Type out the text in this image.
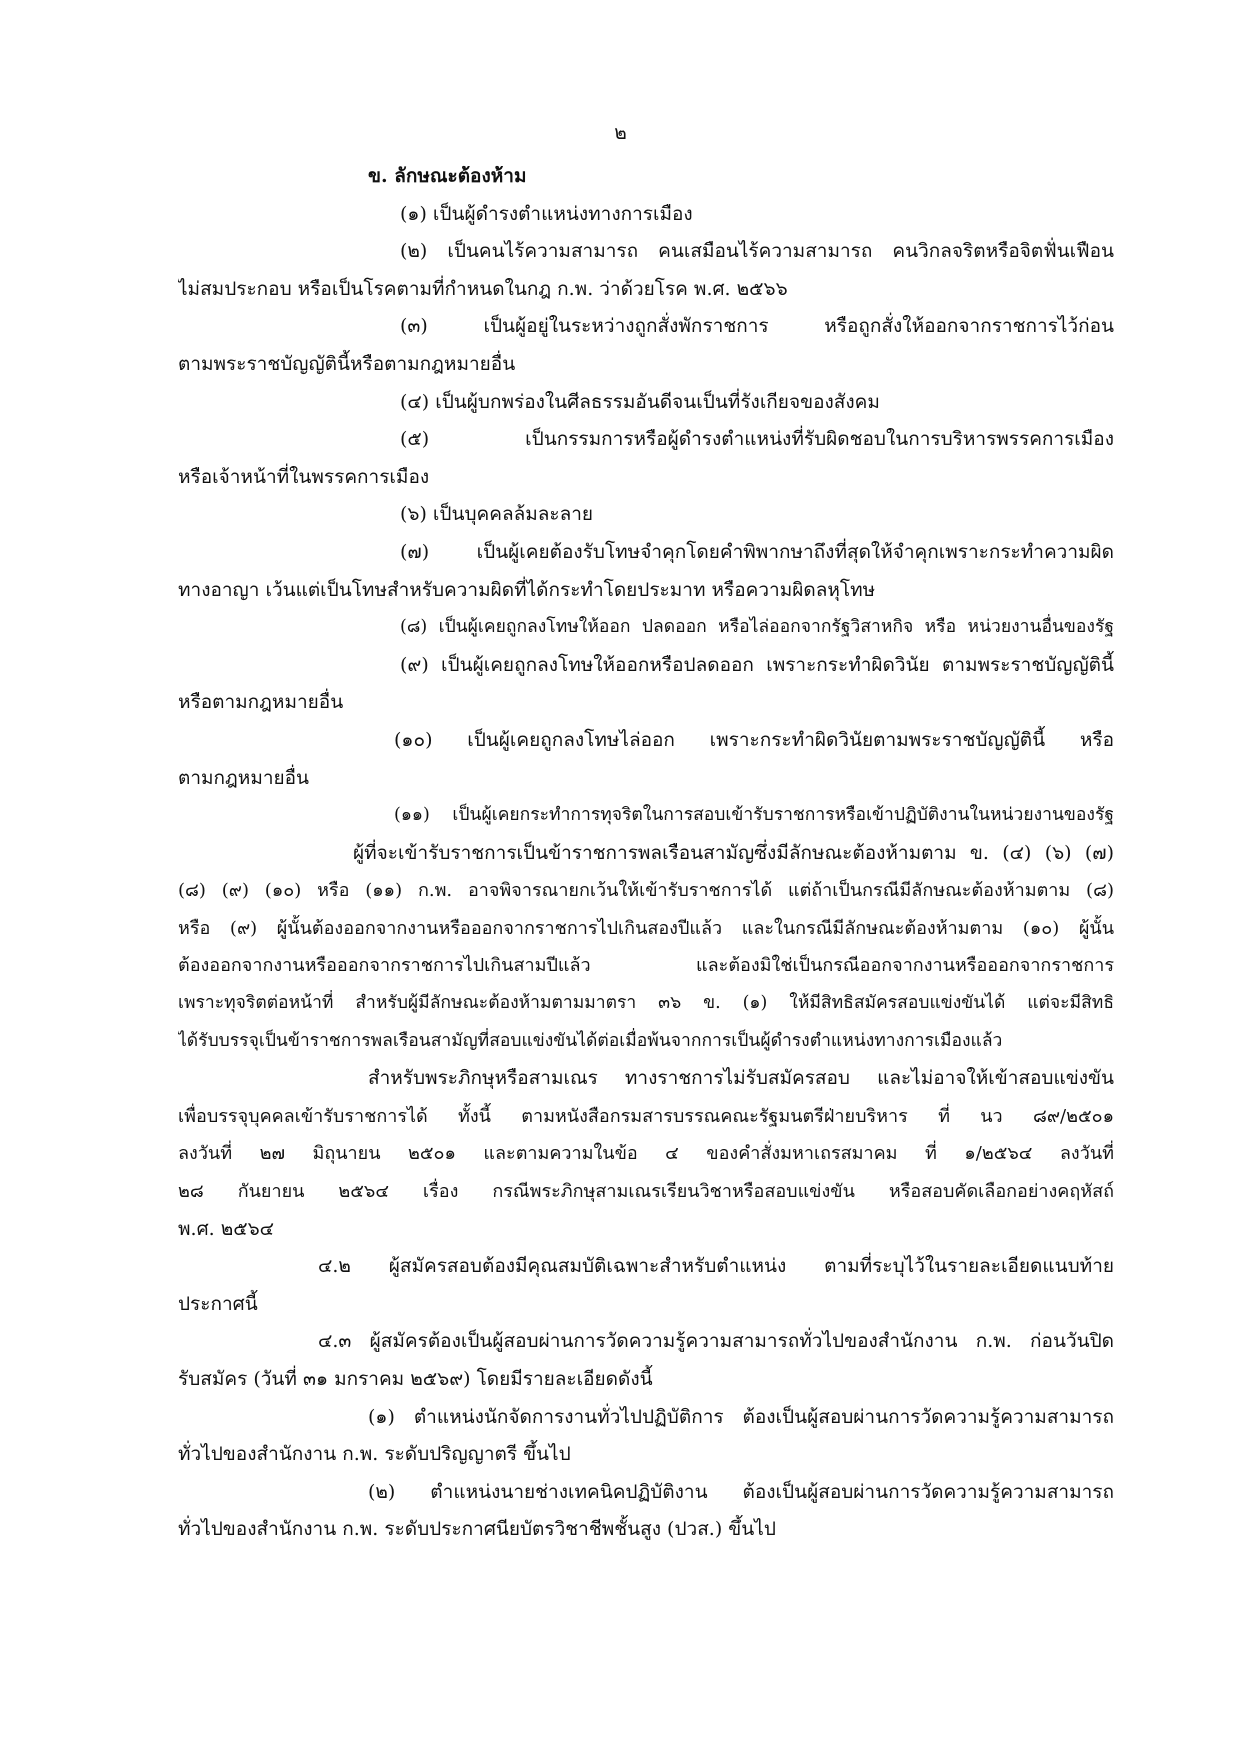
๒
ข. ลักษณะต้องห้าม
(๑) เป็นผู้ดำรงตำแหน่งทางการเมือง
(๒) เป็นคนไร้ความสามารถ คนเสมือนไร้ความสามารถ คนวิกลจริตหรือจิตฟั่นเฟือน
ไม่สมประกอบ หรือเป็นโรคตามที่กำหนดในกฎ ก.พ. ว่าด้วยโรค พ.ศ. ๒๕๖๖
(๓) เป็นผู้อยู่ในระหว่างถูกสั่งพักราชการ หรือถูกสั่งให้ออกจากราชการไว้ก่อน
ตามพระราชบัญญัตินี้หรือตามกฎหมายอื่น
(๔) เป็นผู้บกพร่องในศีลธรรมอันดีจนเป็นที่รังเกียจของสังคม
(๕) เป็นกรรมการหรือผู้ดำรงตำแหน่งที่รับผิดชอบในการบริหารพรรคการเมือง
หรือเจ้าหน้าที่ในพรรคการเมือง
(๖) เป็นบุคคลล้มละลาย
(๗) เป็นผู้เคยต้องรับโทษจำคุกโดยคำพิพากษาถึงที่สุดให้จำคุกเพราะกระทำความผิด
ทางอาญา เว้นแต่เป็นโทษสำหรับความผิดที่ได้กระทำโดยประมาท หรือความผิดลหุโทษ
(๘) เป็นผู้เคยถูกลงโทษให้ออก ปลดออก หรือไล่ออกจากรัฐวิสาหกิจ หรือ หน่วยงานอื่นของรัฐ
(๙) เป็นผู้เคยถูกลงโทษให้ออกหรือปลดออก เพราะกระทำผิดวินัย ตามพระราชบัญญัตินี้
หรือตามกฎหมายอื่น
(๑๐) เป็นผู้เคยถูกลงโทษไล่ออก เพราะกระทำผิดวินัยตามพระราชบัญญัตินี้ หรือ
ตามกฎหมายอื่น
(๑๑) เป็นผู้เคยกระทำการทุจริตในการสอบเข้ารับราชการหรือเข้าปฏิบัติงานในหน่วยงานของรัฐ
ผู้ที่จะเข้ารับราชการเป็นข้าราชการพลเรือนสามัญซึ่งมีลักษณะต้องห้ามตาม ข. (๔) (๖) (๗)
(๘) (๙) (๑๐) หรือ (๑๑) ก.พ. อาจพิจารณายกเว้นให้เข้ารับราชการได้ แต่ถ้าเป็นกรณีมีลักษณะต้องห้ามตาม (๘)
หรือ (๙) ผู้นั้นต้องออกจากงานหรือออกจากราชการไปเกินสองปีแล้ว และในกรณีมีลักษณะต้องห้ามตาม (๑๐) ผู้นั้น
ต้องออกจากงานหรือออกจากราชการไปเกินสามปีแล้ว และต้องมิใช่เป็นกรณีออกจากงานหรือออกจากราชการ
เพราะทุจริตต่อหน้าที่ สำหรับผู้มีลักษณะต้องห้ามตามมาตรา ๓๖ ข. (๑) ให้มีสิทธิสมัครสอบแข่งขันได้ แต่จะมีสิทธิ
ได้รับบรรจุเป็นข้าราชการพลเรือนสามัญที่สอบแข่งขันได้ต่อเมื่อพ้นจากการเป็นผู้ดำรงตำแหน่งทางการเมืองแล้ว
สำหรับพระภิกษุหรือสามเณร ทางราชการไม่รับสมัครสอบ และไม่อาจให้เข้าสอบแข่งขัน
เพื่อบรรจุบุคคลเข้ารับราชการได้ ทั้งนี้ ตามหนังสือกรมสารบรรณคณะรัฐมนตรีฝ่ายบริหาร ที่ นว ๘๙/๒๕๐๑
ลงวันที่ ๒๗ มิถุนายน ๒๕๐๑ และตามความในข้อ ๔ ของคำสั่งมหาเถรสมาคม ที่ ๑/๒๕๖๔ ลงวันที่
๒๘ กันยายน ๒๕๖๔ เรื่อง กรณีพระภิกษุสามเณรเรียนวิชาหรือสอบแข่งขัน หรือสอบคัดเลือกอย่างคฤหัสถ์
พ.ศ. ๒๕๖๔
๔.๒ ผู้สมัครสอบต้องมีคุณสมบัติเฉพาะสำหรับตำแหน่ง ตามที่ระบุไว้ในรายละเอียดแนบท้าย
ประกาศนี้
๔.๓ ผู้สมัครต้องเป็นผู้สอบผ่านการวัดความรู้ความสามารถทั่วไปของสำนักงาน ก.พ. ก่อนวันปิด
รับสมัคร (วันที่ ๓๑ มกราคม ๒๕๖๙) โดยมีรายละเอียดดังนี้
(๑) ตำแหน่งนักจัดการงานทั่วไปปฏิบัติการ ต้องเป็นผู้สอบผ่านการวัดความรู้ความสามารถ
ทั่วไปของสำนักงาน ก.พ. ระดับปริญญาตรี ขึ้นไป
(๒) ตำแหน่งนายช่างเทคนิคปฏิบัติงาน ต้องเป็นผู้สอบผ่านการวัดความรู้ความสามารถ
ทั่วไปของสำนักงาน ก.พ. ระดับประกาศนียบัตรวิชาชีพชั้นสูง (ปวส.) ขึ้นไป
